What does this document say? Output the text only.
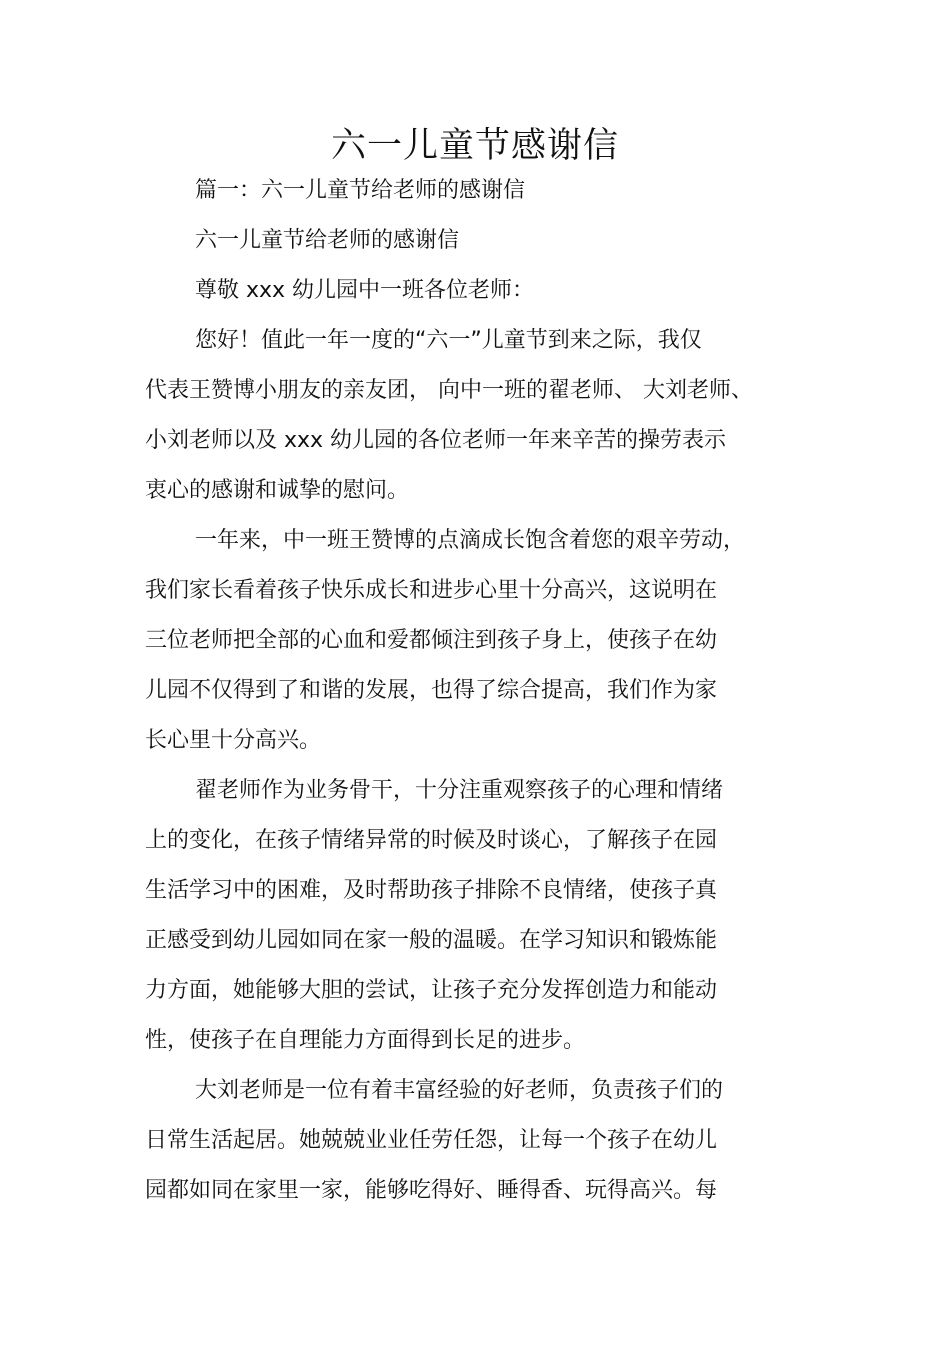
六一儿童节感谢信
篇一：六一儿童节给老师的感谢信
六一儿童节给老师的感谢信
尊敬 xxx 幼儿园中一班各位老师：
您好！值此一年一度的“六一”儿童节到来之际，我仅
代表王赞博小朋友的亲友团， 向中一班的翟老师、 大刘老师、
小刘老师以及 xxx 幼儿园的各位老师一年来辛苦的操劳表示
衷心的感谢和诚挚的慰问。
一年来，中一班王赞博的点滴成长饱含着您的艰辛劳动，
我们家长看着孩子快乐成长和进步心里十分高兴，这说明在
三位老师把全部的心血和爱都倾注到孩子身上，使孩子在幼
儿园不仅得到了和谐的发展，也得了综合提高，我们作为家
长心里十分高兴。
翟老师作为业务骨干，十分注重观察孩子的心理和情绪
上的变化，在孩子情绪异常的时候及时谈心，了解孩子在园
生活学习中的困难，及时帮助孩子排除不良情绪，使孩子真
正感受到幼儿园如同在家一般的温暖。在学习知识和锻炼能
力方面，她能够大胆的尝试，让孩子充分发挥创造力和能动
性，使孩子在自理能力方面得到长足的进步。
大刘老师是一位有着丰富经验的好老师，负责孩子们的
日常生活起居。她兢兢业业任劳任怨，让每一个孩子在幼儿
园都如同在家里一家，能够吃得好、睡得香、玩得高兴。每
